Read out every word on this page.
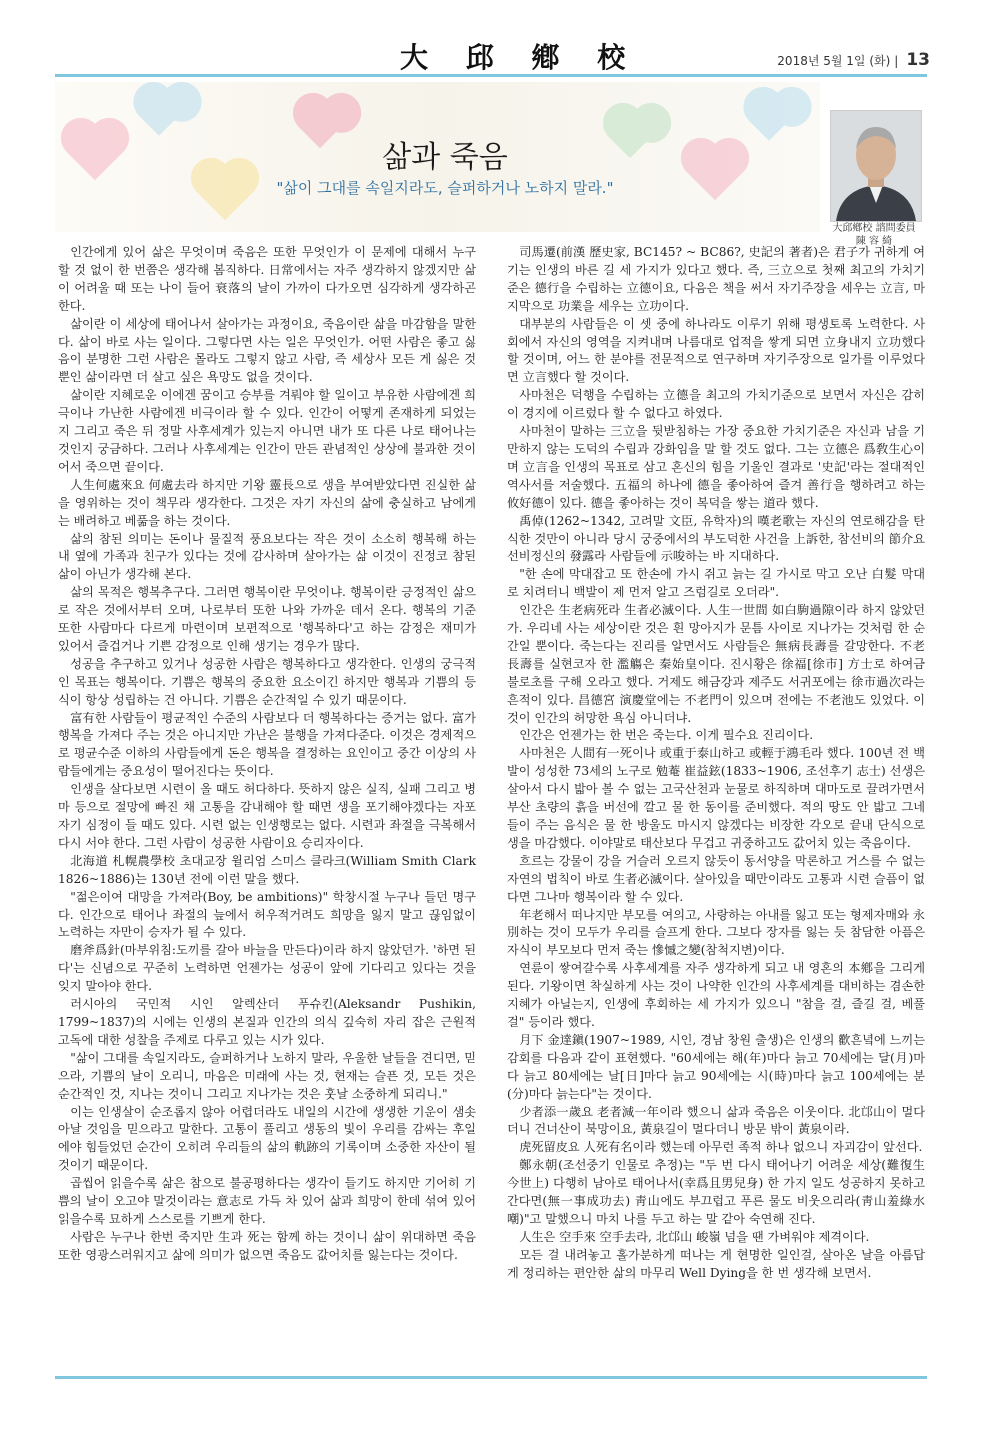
大 邱 鄕 校	2018년 5월 1일 (화) | 13
삶과 죽음
"삶이 그대를 속일지라도, 슬퍼하거나 노하지 말라."
大邱鄕校 諮問委員
陳 容 綺

인간에게 있어 삶은 무엇이며 죽음은 또한 무엇인가 이 문제에 대해서 누구 할 것 없이 한 번쯤은 생각해 봄직하다. 日常에서는 자주 생각하지 않겠지만 삶이 어려울 때 또는 나이 들어 衰落의 날이 가까이 다가오면 심각하게 생각하곤 한다.

삶이란 이 세상에 태어나서 살아가는 과정이요, 죽음이란 삶을 마감함을 말한다. 삶이 바로 사는 일이다. 그렇다면 사는 일은 무엇인가. 어떤 사람은 좋고 싫음이 분명한 그런 사람은 몰라도 그렇지 않고 사람, 즉 세상사 모든 게 싫은 것뿐인 삶이라면 더 살고 싶은 욕망도 없을 것이다.

삶이란 지혜로운 이에겐 꿈이고 승부를 겨뤄야 할 일이고 부유한 사람에겐 희극이나 가난한 사람에겐 비극이라 할 수 있다. 인간이 어떻게 존재하게 되었는지 그리고 죽은 뒤 정말 사후세계가 있는지 아니면 내가 또 다른 나로 태어나는 것인지 궁금하다. 그러나 사후세계는 인간이 만든 관념적인 상상에 불과한 것이어서 죽으면 끝이다.

人生何處來요 何處去라 하지만 기왕 靈長으로 생을 부여받았다면 진실한 삶을 영위하는 것이 책무라 생각한다. 그것은 자기 자신의 삶에 충실하고 남에게는 배려하고 베풂을 하는 것이다.

삶의 참된 의미는 돈이나 물질적 풍요보다는 작은 것이 소소히 행복해 하는 내 옆에 가족과 친구가 있다는 것에 감사하며 살아가는 삶 이것이 진정코 참된 삶이 아닌가 생각해 본다.

삶의 목적은 행복추구다. 그러면 행복이란 무엇이냐. 행복이란 긍정적인 삶으로 작은 것에서부터 오며, 나로부터 또한 나와 가까운 데서 온다. 행복의 기준 또한 사람마다 다르게 마련이며 보편적으로 '행복하다'고 하는 감정은 재미가 있어서 즐겁거나 기쁜 감정으로 인해 생기는 경우가 많다.

성공을 추구하고 있거나 성공한 사람은 행복하다고 생각한다. 인생의 궁극적인 목표는 행복이다. 기쁨은 행복의 중요한 요소이긴 하지만 행복과 기쁨의 등식이 항상 성립하는 건 아니다. 기쁨은 순간적일 수 있기 때문이다.

富有한 사람들이 평균적인 수준의 사람보다 더 행복하다는 증거는 없다. 富가 행복을 가져다 주는 것은 아니지만 가난은 불행을 가져다준다. 이것은 경제적으로 평균수준 이하의 사람들에게 돈은 행복을 결정하는 요인이고 중간 이상의 사람들에게는 중요성이 떨어진다는 뜻이다.

인생을 살다보면 시련이 올 때도 허다하다. 뜻하지 않은 실직, 실패 그리고 병마 등으로 절망에 빠진 채 고통을 감내해야 할 때면 생을 포기해야겠다는 자포자기 심정이 들 때도 있다. 시련 없는 인생행로는 없다. 시련과 좌절을 극복해서 다시 서야 한다. 그런 사람이 성공한 사람이요 승리자이다.

北海道 札幌農學校 초대교장 윌리엄 스미스 클라크(William Smith Clark 1826~1886)는 130년 전에 이런 말을 했다.

"젊은이여 대망을 가져라(Boy, be ambitions)" 학창시절 누구나 들던 명구다. 인간으로 태어나 좌절의 늪에서 허우적거려도 희망을 잃지 말고 끊임없이 노력하는 자만이 승자가 될 수 있다.

磨斧爲針(마부위침:도끼를 갈아 바늘을 만든다)이라 하지 않았던가. '하면 된다'는 신념으로 꾸준히 노력하면 언젠가는 성공이 앞에 기다리고 있다는 것을 잊지 말아야 한다.

러시아의 국민적 시인 알렉산더 푸슈킨(Aleksandr Pushikin, 1799~1837)의 시에는 인생의 본질과 인간의 의식 깊숙히 자리 잡은 근원적 고독에 대한 성찰을 주제로 다루고 있는 시가 있다.

"삶이 그대를 속일지라도, 슬퍼하거나 노하지 말라, 우울한 날들을 견디면, 믿으라, 기쁨의 날이 오리니, 마음은 미래에 사는 것, 현재는 슬픈 것, 모든 것은 순간적인 것, 지나는 것이니 그리고 지나가는 것은 훗날 소중하게 되리니."

이는 인생살이 순조롭지 않아 어렵더라도 내일의 시간에 생생한 기운이 샘솟아날 것임을 믿으라고 말한다. 고통이 풀리고 생동의 빛이 우리를 감싸는 후일에야 힘들었던 순간이 오히려 우리들의 삶의 軌跡의 기록이며 소중한 자산이 될 것이기 때문이다.

곱씹어 읽을수록 삶은 참으로 불공평하다는 생각이 들기도 하지만 기어히 기쁨의 날이 오고야 말것이라는 意志로 가득 차 있어 삶과 희망이 한데 섞여 있어 읽을수록 묘하게 스스로를 기쁘게 한다.

사람은 누구나 한번 죽지만 生과 死는 함께 하는 것이니 삶이 위대하면 죽음 또한 영광스러워지고 삶에 의미가 없으면 죽음도 값어치를 잃는다는 것이다.

司馬遷(前漢 歷史家, BC145? ~ BC86?, 史記의 著者)은 君子가 귀하게 여기는 인생의 바른 길 세 가지가 있다고 했다. 즉, 三立으로 첫째 최고의 가치기준은 德行을 수립하는 立德이요, 다음은 책을 써서 자기주장을 세우는 立言, 마지막으로 功業을 세우는 立功이다.

대부분의 사람들은 이 셋 중에 하나라도 이루기 위해 평생토록 노력한다. 사회에서 자신의 영역을 지켜내며 나름대로 업적을 쌓게 되면 立身내지 立功했다 할 것이며, 어느 한 분야를 전문적으로 연구하며 자기주장으로 일가를 이루었다면 立言했다 할 것이다.

사마천은 덕행을 수립하는 立德을 최고의 가치기준으로 보면서 자신은 감히 이 경지에 이르렀다 할 수 없다고 하였다.

사마천이 말하는 三立을 뒷받침하는 가장 중요한 가치기준은 자신과 남을 기만하지 않는 도덕의 수립과 강화임을 말 할 것도 없다. 그는 立德은 爲敎生心이며 立言을 인생의 목표로 삼고 혼신의 힘을 기울인 결과로 '史記'라는 절대적인 역사서를 저술했다. 五福의 하나에 德을 좋아하여 즐겨 善行을 행하려고 하는 攸好德이 있다. 德을 좋아하는 것이 복덕을 쌓는 道라 했다.

禹倬(1262~1342, 고려말 文臣, 유학자)의 嘆老歌는 자신의 연로해감을 탄식한 것만이 아니라 당시 궁중에서의 부도덕한 사건을 上訴한, 참선비의 節介요 선비정신의 發露라 사람들에 示唆하는 바 지대하다.

"한 손에 막대잡고 또 한손에 가시 쥐고 늙는 길 가시로 막고 오난 白髮 막대로 치려터니 백발이 제 먼저 알고 즈럼길로 오더라".

인간은 生老病死라 生者必滅이다. 人生一世間 如白駒過隙이라 하지 않았던가. 우리네 사는 세상이란 것은 흰 망아지가 문틈 사이로 지나가는 것처럼 한 순간일 뿐이다. 죽는다는 진리를 알면서도 사람들은 無病長壽를 갈망한다. 不老長壽를 실현코자 한 濫觴은 秦始皇이다. 진시황은 徐福[徐市] 方士로 하여금 불로초를 구해 오라고 했다. 거제도 해금강과 제주도 서귀포에는 徐市過次라는 흔적이 있다. 昌德宮 演慶堂에는 不老門이 있으며 전에는 不老池도 있었다. 이것이 인간의 허망한 욕심 아니더냐.

인간은 언젠가는 한 번은 죽는다. 이게 필수요 진리이다.

사마천은 人間有一死이나 或重于泰山하고 或輕于鴻毛라 했다. 100년 전 백발이 성성한 73세의 노구로 勉菴 崔益鉉(1833~1906, 조선후기 志士) 선생은 살아서 다시 밟아 볼 수 없는 고국산천과 눈물로 하직하며 대마도로 끌려가면서 부산 초량의 흙을 버선에 깔고 물 한 동이를 준비했다. 적의 땅도 안 밟고 그네들이 주는 음식은 물 한 방울도 마시지 않겠다는 비장한 각오로 끝내 단식으로 생을 마감했다. 이야말로 태산보다 무겁고 귀중하고도 값어치 있는 죽음이다.

흐르는 강물이 강을 거슬러 오르지 않듯이 동서양을 막론하고 거스를 수 없는 자연의 법칙이 바로 生者必滅이다. 살아있을 때만이라도 고통과 시련 슬픔이 없다면 그나마 행복이라 할 수 있다.

年老해서 떠나지만 부모를 여의고, 사랑하는 아내를 잃고 또는 형제자매와 永別하는 것이 모두가 우리를 슬프게 한다. 그보다 장자를 잃는 듯 참담한 아픔은 자식이 부모보다 먼저 죽는 慘慽之變(참척지변)이다.

연륜이 쌓여갈수록 사후세계를 자주 생각하게 되고 내 영혼의 本鄕을 그리게 된다. 기왕이면 착실하게 사는 것이 나약한 인간의 사후세계를 대비하는 겸손한 지혜가 아닐는지, 인생에 후회하는 세 가지가 있으니 "참을 걸, 즐길 걸, 베풀 걸" 등이라 했다.

月下 金達鎭(1907~1989, 시인, 경남 창원 출생)은 인생의 歡흔녘에 느끼는 감회를 다음과 같이 표현했다. "60세에는 해(年)마다 늙고 70세에는 달(月)마다 늙고 80세에는 날[日]마다 늙고 90세에는 시(時)마다 늙고 100세에는 분(分)마다 늙는다"는 것이다.

少者添一歲요 老者減一年이라 했으니 삶과 죽음은 이웃이다. 北邙山이 멀다더니 건너산이 북망이요, 黃泉길이 멀다더니 방문 밖이 黃泉이라.

虎死留皮요 人死有名이라 했는데 아무런 족적 하나 없으니 자괴감이 앞선다.

鄭永朝(조선중기 인물로 추정)는 "두 번 다시 태어나기 어려운 세상(難復生今世上) 다행히 남아로 태어나서(幸爲且男兒身) 한 가지 일도 성공하지 못하고 간다면(無一事成功去) 靑山에도 부끄럽고 푸른 물도 비웃으리라(靑山羞綠水嘲)"고 말했으니 마치 나를 두고 하는 말 같아 숙연해 진다.

人生은 空手來 空手去라, 北邙山 峻嶺 넘을 땐 가벼워야 제격이다.

모든 걸 내려놓고 홀가분하게 떠나는 게 현명한 일인걸, 살아온 날을 아름답게 정리하는 편안한 삶의 마무리 Well Dying을 한 번 생각해 보면서.
